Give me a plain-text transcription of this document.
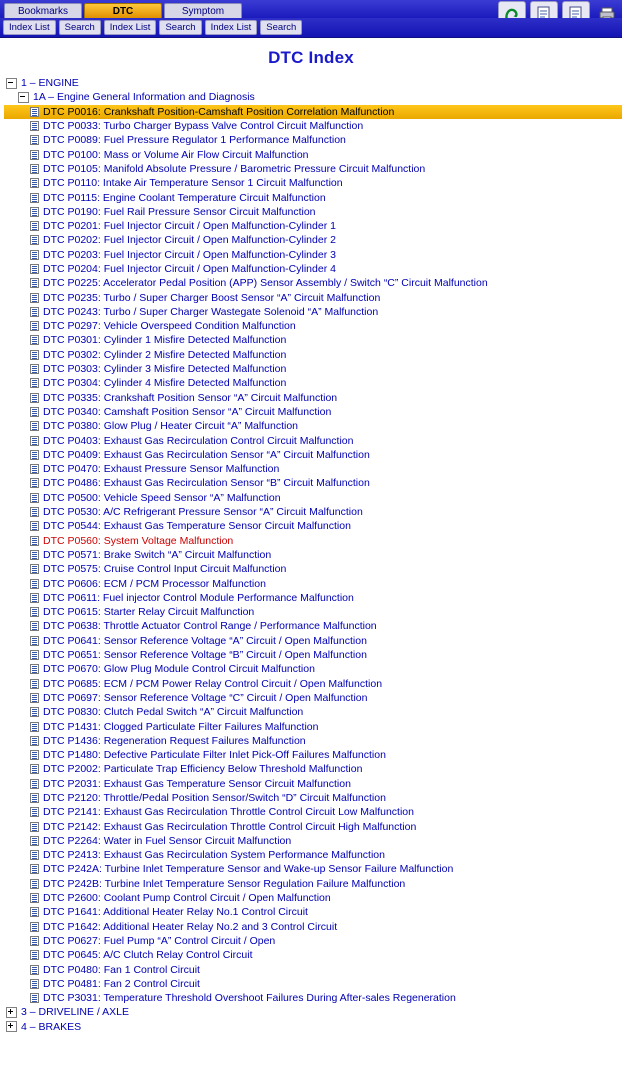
Bookmarks	DTC	Symptom
Index List	Search	Index List	Search	Index List	Search
DTC Index
1 – ENGINE
1A – Engine General Information and Diagnosis
DTC P0016: Crankshaft Position-Camshaft Position Correlation Malfunction
DTC P0033: Turbo Charger Bypass Valve Control Circuit Malfunction
DTC P0089: Fuel Pressure Regulator 1 Performance Malfunction
DTC P0100: Mass or Volume Air Flow Circuit Malfunction
DTC P0105: Manifold Absolute Pressure / Barometric Pressure Circuit Malfunction
DTC P0110: Intake Air Temperature Sensor 1 Circuit Malfunction
DTC P0115: Engine Coolant Temperature Circuit Malfunction
DTC P0190: Fuel Rail Pressure Sensor Circuit Malfunction
DTC P0201: Fuel Injector Circuit / Open Malfunction-Cylinder 1
DTC P0202: Fuel Injector Circuit / Open Malfunction-Cylinder 2
DTC P0203: Fuel Injector Circuit / Open Malfunction-Cylinder 3
DTC P0204: Fuel Injector Circuit / Open Malfunction-Cylinder 4
DTC P0225: Accelerator Pedal Position (APP) Sensor Assembly / Switch “C” Circuit Malfunction
DTC P0235: Turbo / Super Charger Boost Sensor “A” Circuit Malfunction
DTC P0243: Turbo / Super Charger Wastegate Solenoid “A” Malfunction
DTC P0297: Vehicle Overspeed Condition Malfunction
DTC P0301: Cylinder 1 Misfire Detected Malfunction
DTC P0302: Cylinder 2 Misfire Detected Malfunction
DTC P0303: Cylinder 3 Misfire Detected Malfunction
DTC P0304: Cylinder 4 Misfire Detected Malfunction
DTC P0335: Crankshaft Position Sensor “A” Circuit Malfunction
DTC P0340: Camshaft Position Sensor “A” Circuit Malfunction
DTC P0380: Glow Plug / Heater Circuit “A” Malfunction
DTC P0403: Exhaust Gas Recirculation Control Circuit Malfunction
DTC P0409: Exhaust Gas Recirculation Sensor “A” Circuit Malfunction
DTC P0470: Exhaust Pressure Sensor Malfunction
DTC P0486: Exhaust Gas Recirculation Sensor “B” Circuit Malfunction
DTC P0500: Vehicle Speed Sensor “A” Malfunction
DTC P0530: A/C Refrigerant Pressure Sensor “A” Circuit Malfunction
DTC P0544: Exhaust Gas Temperature Sensor Circuit Malfunction
DTC P0560: System Voltage Malfunction
DTC P0571: Brake Switch “A” Circuit Malfunction
DTC P0575: Cruise Control Input Circuit Malfunction
DTC P0606: ECM / PCM Processor Malfunction
DTC P0611: Fuel injector Control Module Performance Malfunction
DTC P0615: Starter Relay Circuit Malfunction
DTC P0638: Throttle Actuator Control Range / Performance Malfunction
DTC P0641: Sensor Reference Voltage “A” Circuit / Open Malfunction
DTC P0651: Sensor Reference Voltage “B” Circuit / Open Malfunction
DTC P0670: Glow Plug Module Control Circuit Malfunction
DTC P0685: ECM / PCM Power Relay Control Circuit / Open Malfunction
DTC P0697: Sensor Reference Voltage “C” Circuit / Open Malfunction
DTC P0830: Clutch Pedal Switch “A” Circuit Malfunction
DTC P1431: Clogged Particulate Filter Failures Malfunction
DTC P1436: Regeneration Request Failures Malfunction
DTC P1480: Defective Particulate Filter Inlet Pick-Off Failures Malfunction
DTC P2002: Particulate Trap Efficiency Below Threshold Malfunction
DTC P2031: Exhaust Gas Temperature Sensor Circuit Malfunction
DTC P2120: Throttle/Pedal Position Sensor/Switch “D” Circuit Malfunction
DTC P2141: Exhaust Gas Recirculation Throttle Control Circuit Low Malfunction
DTC P2142: Exhaust Gas Recirculation Throttle Control Circuit High Malfunction
DTC P2264: Water in Fuel Sensor Circuit Malfunction
DTC P2413: Exhaust Gas Recirculation System Performance Malfunction
DTC P242A: Turbine Inlet Temperature Sensor and Wake-up Sensor Failure Malfunction
DTC P242B: Turbine Inlet Temperature Sensor Regulation Failure Malfunction
DTC P2600: Coolant Pump Control Circuit / Open Malfunction
DTC P1641: Additional Heater Relay No.1 Control Circuit
DTC P1642: Additional Heater Relay No.2 and 3 Control Circuit
DTC P0627: Fuel Pump “A” Control Circuit / Open
DTC P0645: A/C Clutch Relay Control Circuit
DTC P0480: Fan 1 Control Circuit
DTC P0481: Fan 2 Control Circuit
DTC P3031: Temperature Threshold Overshoot Failures During After-sales Regeneration
3 – DRIVELINE / AXLE
4 – BRAKES
